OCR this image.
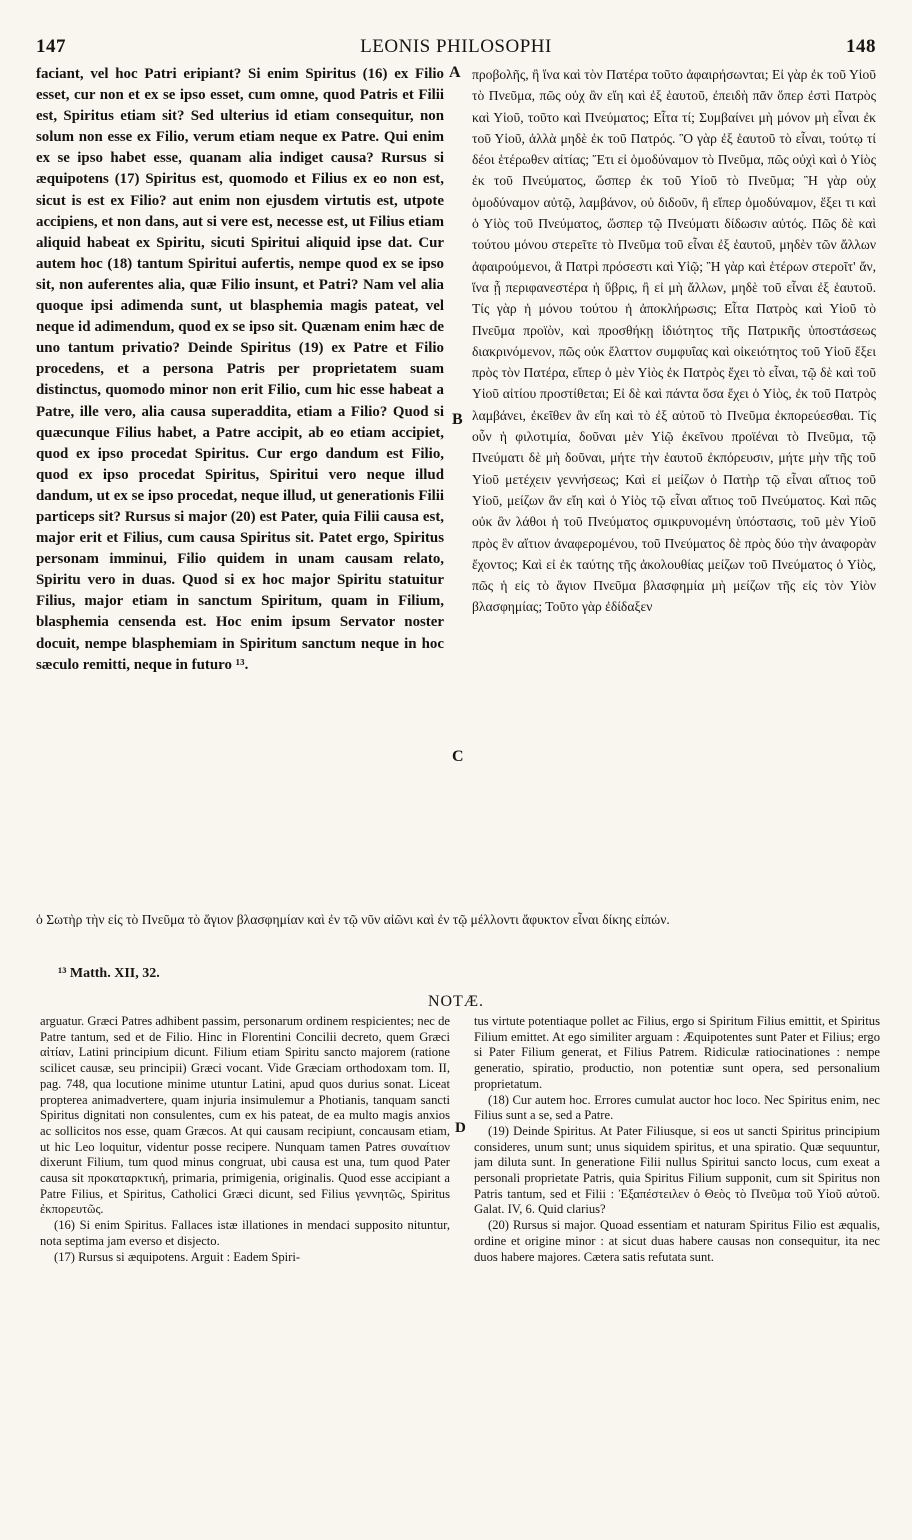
147	LEONIS PHILOSOPHI	148

faciant, vel hoc Patri eripiant? Si enim Spiritus (16) ex Filio esset, cur non et ex se ipso esset, cum omne, quod Patris et Filii est, Spiritus etiam sit? Sed ulterius id etiam consequitur, non solum non esse ex Filio, verum etiam neque ex Patre. Qui enim ex se ipso habet esse, quanam alia indiget causa? Rursus si æquipotens (17) Spiritus est, quomodo et Filius ex eo non est, sicut is est ex Filio? aut enim non ejusdem virtutis est, utpote accipiens, et non dans, aut si vere est, necesse est, ut Filius etiam aliquid habeat ex Spiritu, sicuti Spiritui aliquid ipse dat. Cur autem hoc (18) tantum Spiritui aufertis, nempe quod ex se ipso sit, non auferentes alia, quæ Filio insunt, et Patri? Nam vel alia quoque ipsi adimenda sunt, ut blasphemia magis pateat, vel neque id adimendum, quod ex se ipso sit. Quænam enim hæc de uno tantum privatio? Deinde Spiritus (19) ex Patre et Filio procedens, et a persona Patris per proprietatem suam distinctus, quomodo minor non erit Filio, cum hic esse habeat a Patre, ille vero, alia causa superaddita, etiam a Filio? Quod si quæcunque Filius habet, a Patre accipit, ab eo etiam accipiet, quod ex ipso procedat Spiritus. Cur ergo dandum est Filio, quod ex ipso procedat Spiritus, Spiritui vero neque illud dandum, ut ex se ipso procedat, neque illud, ut generationis Filii particeps sit? Rursus si major (20) est Pater, quia Filii causa est, major erit et Filius, cum causa Spiritus sit. Patet ergo, Spiritus personam imminui, Filio quidem in unam causam relato, Spiritu vero in duas. Quod si ex hoc major Spiritu statuitur Filius, major etiam in sanctum Spiritum, quam in Filium, blasphemia censenda est. Hoc enim ipsum Servator noster docuit, nempe blasphemiam in Spiritum sanctum neque in hoc sæculo remitti, neque in futuro ¹³.

A
B
C

προβολῆς, ἢ ἵνα καὶ τὸν Πατέρα τοῦτο ἀφαιρήσωνται; Εἰ γὰρ ἐκ τοῦ Υἱοῦ τὸ Πνεῦμα, πῶς οὐχ ἂν εἴη καὶ ἐξ ἑαυτοῦ, ἐπειδὴ πᾶν ὅπερ ἐστὶ Πατρὸς καὶ Υἱοῦ, τοῦτο καὶ Πνεύματος; Εἶτα τί; Συμβαίνει μὴ μόνον μὴ εἶναι ἐκ τοῦ Υἱοῦ, ἀλλὰ μηδὲ ἐκ τοῦ Πατρός. Ὃ γὰρ ἐξ ἑαυτοῦ τὸ εἶναι, τούτῳ τί δέοι ἑτέρωθεν αἰτίας; Ἔτι εἰ ὁμοδύναμον τὸ Πνεῦμα, πῶς οὐχὶ καὶ ὁ Υἱὸς ἐκ τοῦ Πνεύματος, ὥσπερ ἐκ τοῦ Υἱοῦ τὸ Πνεῦμα; Ἢ γὰρ οὐχ ὁμοδύναμον αὐτῷ, λαμβάνον, οὐ διδοῦν, ἢ εἴπερ ὁμοδύναμον, ἕξει τι καὶ ὁ Υἱὸς τοῦ Πνεύματος, ὥσπερ τῷ Πνεύματι δίδωσιν αὐτός. Πῶς δὲ καὶ τούτου μόνου στερεῖτε τὸ Πνεῦμα τοῦ εἶναι ἐξ ἑαυτοῦ, μηδὲν τῶν ἄλλων ἀφαιρούμενοι, ἃ Πατρὶ πρόσεστι καὶ Υἱῷ; Ἢ γὰρ καὶ ἑτέρων στεροῖτ' ἄν, ἵνα ᾖ περιφανεστέρα ἡ ὕβρις, ἢ εἰ μὴ ἄλλων, μηδὲ τοῦ εἶναι ἐξ ἑαυτοῦ. Τίς γὰρ ἡ μόνου τούτου ἡ ἀποκλήρωσις; Εἶτα Πατρὸς καὶ Υἱοῦ τὸ Πνεῦμα προϊὸν, καὶ προσθήκῃ ἰδιότητος τῆς Πατρικῆς ὑποστάσεως διακρινόμενον, πῶς οὐκ ἔλαττον συμφυΐας καὶ οἰκειότητος τοῦ Υἱοῦ ἕξει πρὸς τὸν Πατέρα, εἴπερ ὁ μὲν Υἱὸς ἐκ Πατρὸς ἔχει τὸ εἶναι, τῷ δὲ καὶ τοῦ Υἱοῦ αἰτίου προστίθεται; Εἰ δὲ καὶ πάντα ὅσα ἔχει ὁ Υἱὸς, ἐκ τοῦ Πατρὸς λαμβάνει, ἐκεῖθεν ἂν εἴη καὶ τὸ ἐξ αὐτοῦ τὸ Πνεῦμα ἐκπορεύεσθαι. Τίς οὖν ἡ φιλοτιμία, δοῦναι μὲν Υἱῷ ἐκεῖνου προϊέναι τὸ Πνεῦμα, τῷ Πνεύματι δὲ μὴ δοῦναι, μήτε τὴν ἑαυτοῦ ἐκπόρευσιν, μήτε μὴν τῆς τοῦ Υἱοῦ μετέχειν γεννήσεως; Καὶ εἰ μείζων ὁ Πατὴρ τῷ εἶναι αἴτιος τοῦ Υἱοῦ, μείζων ἂν εἴη καὶ ὁ Υἱὸς τῷ εἶναι αἴτιος τοῦ Πνεύματος. Καὶ πῶς οὐκ ἂν λάθοι ἡ τοῦ Πνεύματος σμικρυνομένη ὑπόστασις, τοῦ μὲν Υἱοῦ πρὸς ἓν αἴτιον ἀναφερομένου, τοῦ Πνεύματος δὲ πρὸς δύο τὴν ἀναφορὰν ἔχοντος; Καὶ εἰ ἐκ ταύτης τῆς ἀκολουθίας μείζων τοῦ Πνεύματος ὁ Υἱὸς, πῶς ἡ εἰς τὸ ἅγιον Πνεῦμα βλασφημία μὴ μείζων τῆς εἰς τὸν Υἱὸν βλασφημίας; Τοῦτο γὰρ ἐδίδαξεν

ὁ Σωτὴρ τὴν εἰς τὸ Πνεῦμα τὸ ἅγιον βλασφημίαν καὶ ἐν τῷ νῦν αἰῶνι καὶ ἐν τῷ μέλλοντι ἄφυκτον εἶναι δίκης εἰπών.
¹³ Matth. XII, 32.
NOTÆ.

arguatur. Græci Patres adhibent passim, personarum ordinem respicientes; nec de Patre tantum, sed et de Filio. Hinc in Florentini Concilii decreto, quem Græci αἰτίαν, Latini principium dicunt. Filium etiam Spiritu sancto majorem (ratione scilicet causæ, seu principii) Græci vocant. Vide Græciam orthodoxam tom. II, pag. 748, qua locutione minime utuntur Latini, apud quos durius sonat. Liceat propterea animadvertere, quam injuria insimulemur a Photianis, tanquam sancti Spiritus dignitati non consulentes, cum ex his pateat, de ea multo magis anxios ac sollicitos nos esse, quam Græcos. At qui causam recipiunt, concausam etiam, ut hic Leo loquitur, videntur posse recipere. Nunquam tamen Patres συναίτιον dixerunt Filium, tum quod minus congruat, ubi causa est una, tum quod Pater causa sit προκαταρκτική, primaria, primigenia, originalis. Quod esse accipiant a Patre Filius, et Spiritus, Catholici Græci dicunt, sed Filius γεννητῶς, Spiritus ἐκπορευτῶς.

(16) Si enim Spiritus. Fallaces istæ illationes in mendaci supposito nituntur, nota septima jam everso et disjecto.

(17) Rursus si æquipotens. Arguit : Eadem Spiri-

D

tus virtute potentiaque pollet ac Filius, ergo si Spiritum Filius emittit, et Spiritus Filium emittet. At ego similiter arguam : Æquipotentes sunt Pater et Filius; ergo si Pater Filium generat, et Filius Patrem. Ridiculæ ratiocinationes : nempe generatio, spiratio, productio, non potentiæ sunt opera, sed personalium proprietatum.

(18) Cur autem hoc. Errores cumulat auctor hoc loco. Nec Spiritus enim, nec Filius sunt a se, sed a Patre.

(19) Deinde Spiritus. At Pater Filiusque, si eos ut sancti Spiritus principium consideres, unum sunt; unus siquidem spiritus, et una spiratio. Quæ sequuntur, jam diluta sunt. In generatione Filii nullus Spiritui sancto locus, cum exeat a personali proprietate Patris, quia Spiritus Filium supponit, cum sit Spiritus non Patris tantum, sed et Filii : Ἐξαπέστειλεν ὁ Θεὸς τὸ Πνεῦμα τοῦ Υἱοῦ αὐτοῦ. Galat. IV, 6. Quid clarius?

(20) Rursus si major. Quoad essentiam et naturam Spiritus Filio est æqualis, ordine et origine minor : at sicut duas habere causas non consequitur, ita nec duos habere majores. Cætera satis refutata sunt.
